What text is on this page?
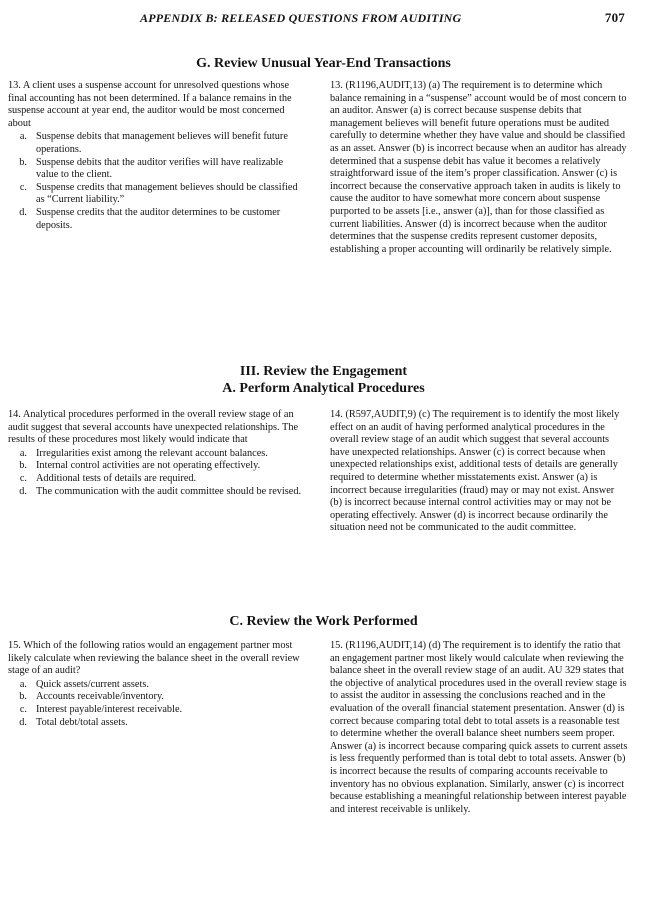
APPENDIX B: RELEASED QUESTIONS FROM AUDITING	707
G. Review Unusual Year-End Transactions

13. A client uses a suspense account for unresolved questions whose final accounting has not been determined. If a balance remains in the suspense account at year end, the auditor would be most concerned about

a. Suspense debits that management believes will benefit future operations.
b. Suspense debits that the auditor verifies will have realizable value to the client.
c. Suspense credits that management believes should be classified as “Current liability.”
d. Suspense credits that the auditor determines to be customer deposits.

13. (R1196,AUDIT,13) (a) The requirement is to determine which balance remaining in a “suspense” account would be of most concern to an auditor. Answer (a) is correct because suspense debits that management believes will benefit future operations must be audited carefully to determine whether they have value and should be classified as an asset. Answer (b) is incorrect because when an auditor has already determined that a suspense debit has value it becomes a relatively straightforward issue of the item’s proper classification. Answer (c) is incorrect because the conservative approach taken in audits is likely to cause the auditor to have somewhat more concern about suspense purported to be assets [i.e., answer (a)], than for those classified as current liabilities. Answer (d) is incorrect because when the auditor determines that the suspense credits represent customer deposits, establishing a proper accounting will ordinarily be relatively simple.

III. Review the Engagement
A. Perform Analytical Procedures

14. Analytical procedures performed in the overall review stage of an audit suggest that several accounts have unexpected relationships. The results of these procedures most likely would indicate that

a. Irregularities exist among the relevant account balances.
b. Internal control activities are not operating effectively.
c. Additional tests of details are required.
d. The communication with the audit committee should be revised.

14. (R597,AUDIT,9) (c) The requirement is to identify the most likely effect on an audit of having performed analytical procedures in the overall review stage of an audit which suggest that several accounts have unexpected relationships. Answer (c) is correct because when unexpected relationships exist, additional tests of details are generally required to determine whether misstatements exist. Answer (a) is incorrect because irregularities (fraud) may or may not exist. Answer (b) is incorrect because internal control activities may or may not be operating effectively. Answer (d) is incorrect because ordinarily the situation need not be communicated to the audit committee.

C. Review the Work Performed

15. Which of the following ratios would an engagement partner most likely calculate when reviewing the balance sheet in the overall review stage of an audit?

a. Quick assets/current assets.
b. Accounts receivable/inventory.
c. Interest payable/interest receivable.
d. Total debt/total assets.

15. (R1196,AUDIT,14) (d) The requirement is to identify the ratio that an engagement partner most likely would calculate when reviewing the balance sheet in the overall review stage of an audit. AU 329 states that the objective of analytical procedures used in the overall review stage is to assist the auditor in assessing the conclusions reached and in the evaluation of the overall financial statement presentation. Answer (d) is correct because comparing total debt to total assets is a reasonable test to determine whether the overall balance sheet numbers seem proper. Answer (a) is incorrect because comparing quick assets to current assets is less frequently performed than is total debt to total assets. Answer (b) is incorrect because the results of comparing accounts receivable to inventory has no obvious explanation. Similarly, answer (c) is incorrect because establishing a meaningful relationship between interest payable and interest receivable is unlikely.
